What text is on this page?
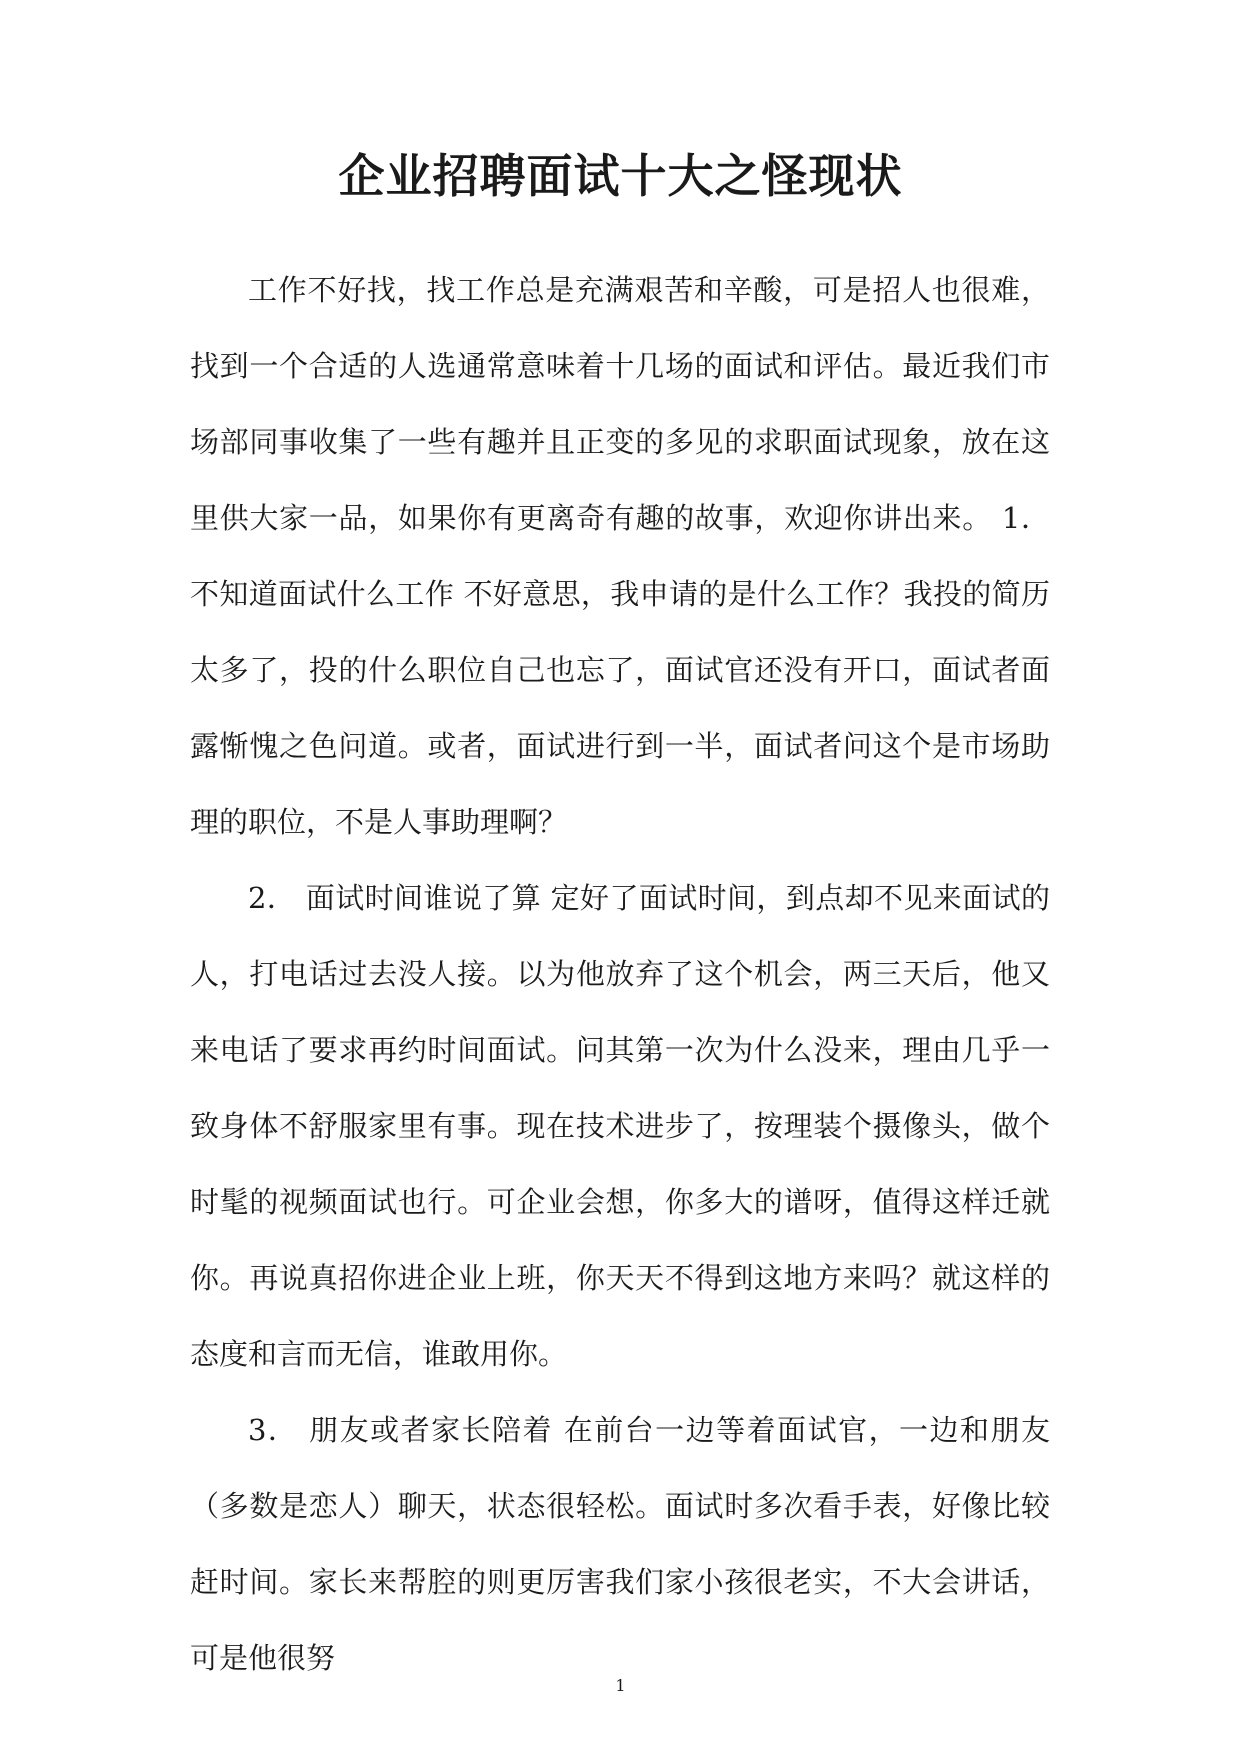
企业招聘面试十大之怪现状

工作不好找，找工作总是充满艰苦和辛酸，可是招人也很难，找到一个合适的人选通常意味着十几场的面试和评估。最近我们市场部同事收集了一些有趣并且正变的多见的求职面试现象，放在这里供大家一品，如果你有更离奇有趣的故事，欢迎你讲出来。 1． 不知道面试什么工作 不好意思，我申请的是什么工作？我投的简历太多了，投的什么职位自己也忘了，面试官还没有开口，面试者面露惭愧之色问道。或者，面试进行到一半，面试者问这个是市场助理的职位，不是人事助理啊？

2． 面试时间谁说了算 定好了面试时间，到点却不见来面试的人，打电话过去没人接。以为他放弃了这个机会，两三天后，他又来电话了要求再约时间面试。问其第一次为什么没来，理由几乎一致身体不舒服家里有事。现在技术进步了，按理装个摄像头，做个时髦的视频面试也行。可企业会想，你多大的谱呀，值得这样迁就你。再说真招你进企业上班，你天天不得到这地方来吗？就这样的态度和言而无信，谁敢用你。

3． 朋友或者家长陪着 在前台一边等着面试官，一边和朋友（多数是恋人）聊天，状态很轻松。面试时多次看手表，好像比较赶时间。家长来帮腔的则更厉害我们家小孩很老实，不大会讲话，可是他很努

1
